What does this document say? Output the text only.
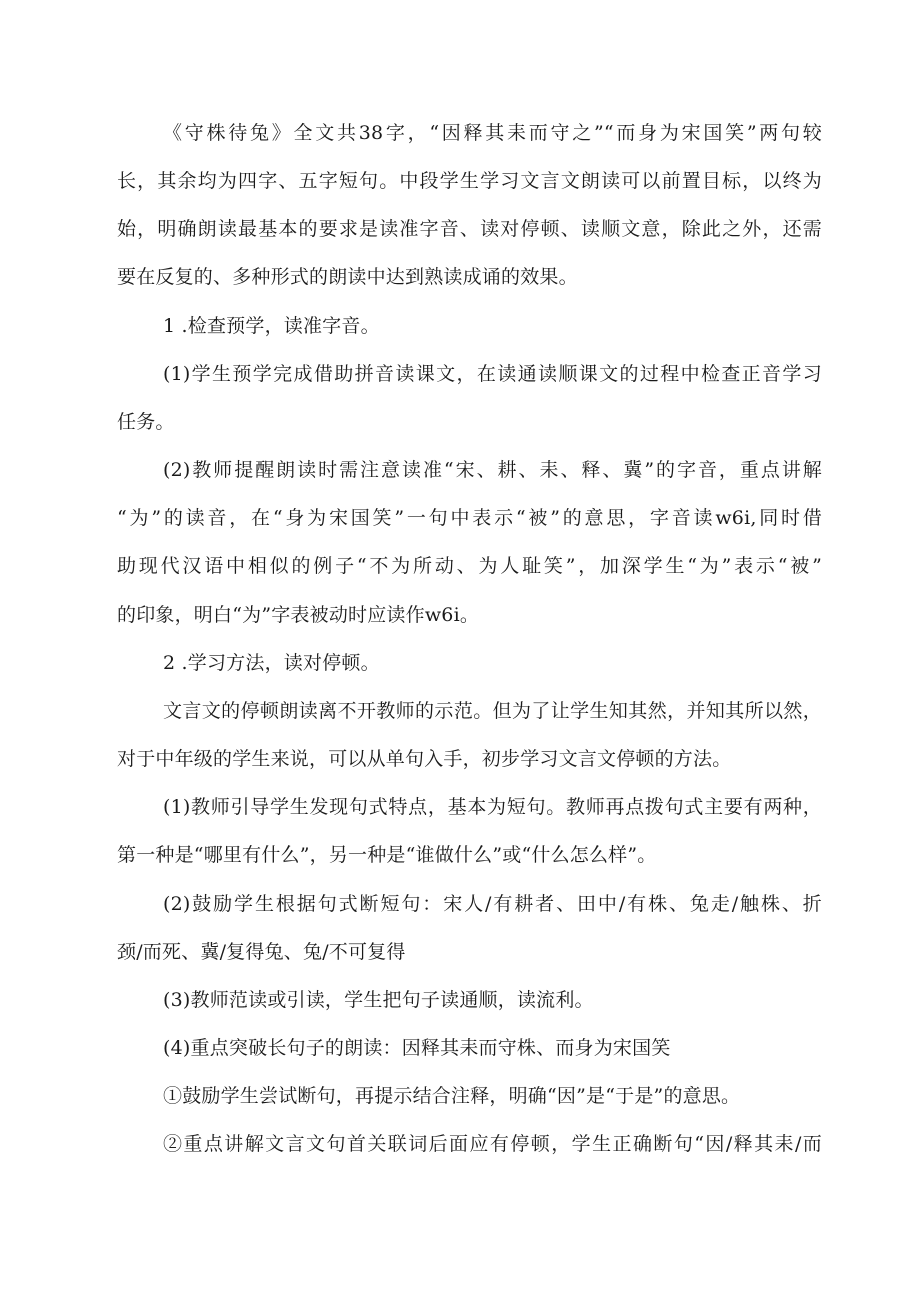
《守株待兔》全文共38字，“因释其耒而守之”“而身为宋国笑”两句较
长，其余均为四字、五字短句。中段学生学习文言文朗读可以前置目标，以终为
始，明确朗读最基本的要求是读准字音、读对停顿、读顺文意，除此之外，还需
要在反复的、多种形式的朗读中达到熟读成诵的效果。
1 .检查预学，读准字音。
(1)学生预学完成借助拼音读课文，在读通读顺课文的过程中检查正音学习
任务。
(2)教师提醒朗读时需注意读准“宋、耕、耒、释、冀”的字音，重点讲解
“为”的读音，在“身为宋国笑”一句中表示“被”的意思，字音读w6i,同时借
助现代汉语中相似的例子“不为所动、为人耻笑”，加深学生“为”表示“被”
的印象，明白“为”字表被动时应读作w6i。
2 .学习方法，读对停顿。
文言文的停顿朗读离不开教师的示范。但为了让学生知其然，并知其所以然，
对于中年级的学生来说，可以从单句入手，初步学习文言文停顿的方法。
(1)教师引导学生发现句式特点，基本为短句。教师再点拨句式主要有两种，
第一种是“哪里有什么”，另一种是“谁做什么”或“什么怎么样”。
(2)鼓励学生根据句式断短句：宋人/有耕者、田中/有株、兔走/触株、折
颈/而死、冀/复得兔、兔/不可复得
(3)教师范读或引读，学生把句子读通顺，读流利。
(4)重点突破长句子的朗读：因释其耒而守株、而身为宋国笑
①鼓励学生尝试断句，再提示结合注释，明确“因”是“于是”的意思。
②重点讲解文言文句首关联词后面应有停顿，学生正确断句“因/释其耒/而
